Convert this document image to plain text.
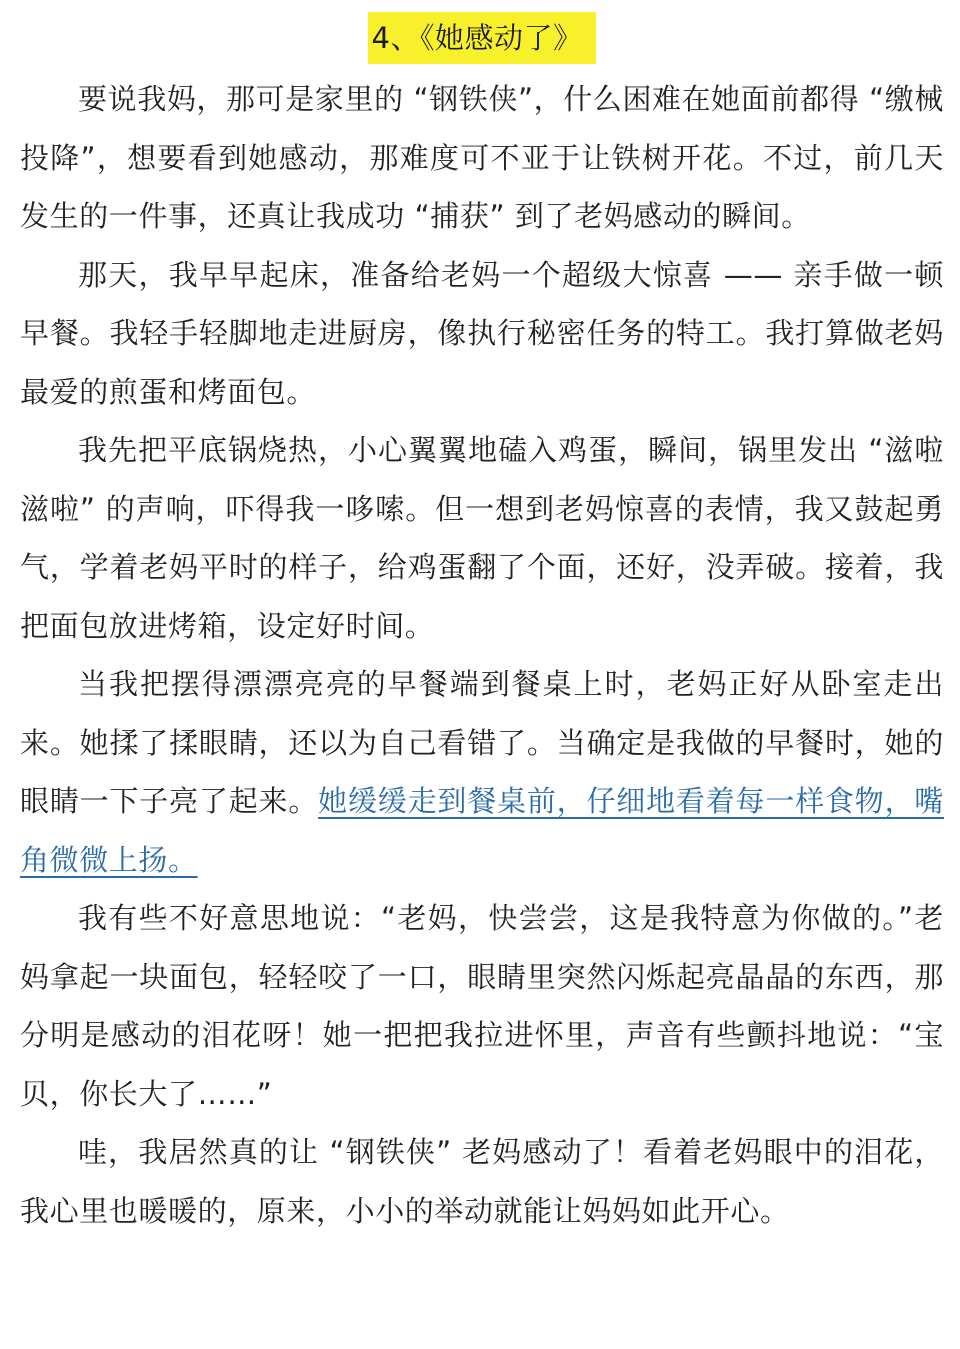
4、《她感动了》

要说我妈，那可是家里的 “钢铁侠”，什么困难在她面前都得 “缴械投降”，想要看到她感动，那难度可不亚于让铁树开花。不过，前几天发生的一件事，还真让我成功 “捕获” 到了老妈感动的瞬间。

那天，我早早起床，准备给老妈一个超级大惊喜 —— 亲手做一顿早餐。我轻手轻脚地走进厨房，像执行秘密任务的特工。我打算做老妈最爱的煎蛋和烤面包。

我先把平底锅烧热，小心翼翼地磕入鸡蛋，瞬间，锅里发出 “滋啦滋啦” 的声响，吓得我一哆嗦。但一想到老妈惊喜的表情，我又鼓起勇气，学着老妈平时的样子，给鸡蛋翻了个面，还好，没弄破。接着，我把面包放进烤箱，设定好时间。

当我把摆得漂漂亮亮的早餐端到餐桌上时，老妈正好从卧室走出来。她揉了揉眼睛，还以为自己看错了。当确定是我做的早餐时，她的眼睛一下子亮了起来。她缓缓走到餐桌前，仔细地看着每一样食物，嘴角微微上扬。

我有些不好意思地说：“老妈，快尝尝，这是我特意为你做的。”老妈拿起一块面包，轻轻咬了一口，眼睛里突然闪烁起亮晶晶的东西，那分明是感动的泪花呀！她一把把我拉进怀里，声音有些颤抖地说：“宝贝，你长大了……”

哇，我居然真的让 “钢铁侠” 老妈感动了！看着老妈眼中的泪花，我心里也暖暖的，原来，小小的举动就能让妈妈如此开心。
